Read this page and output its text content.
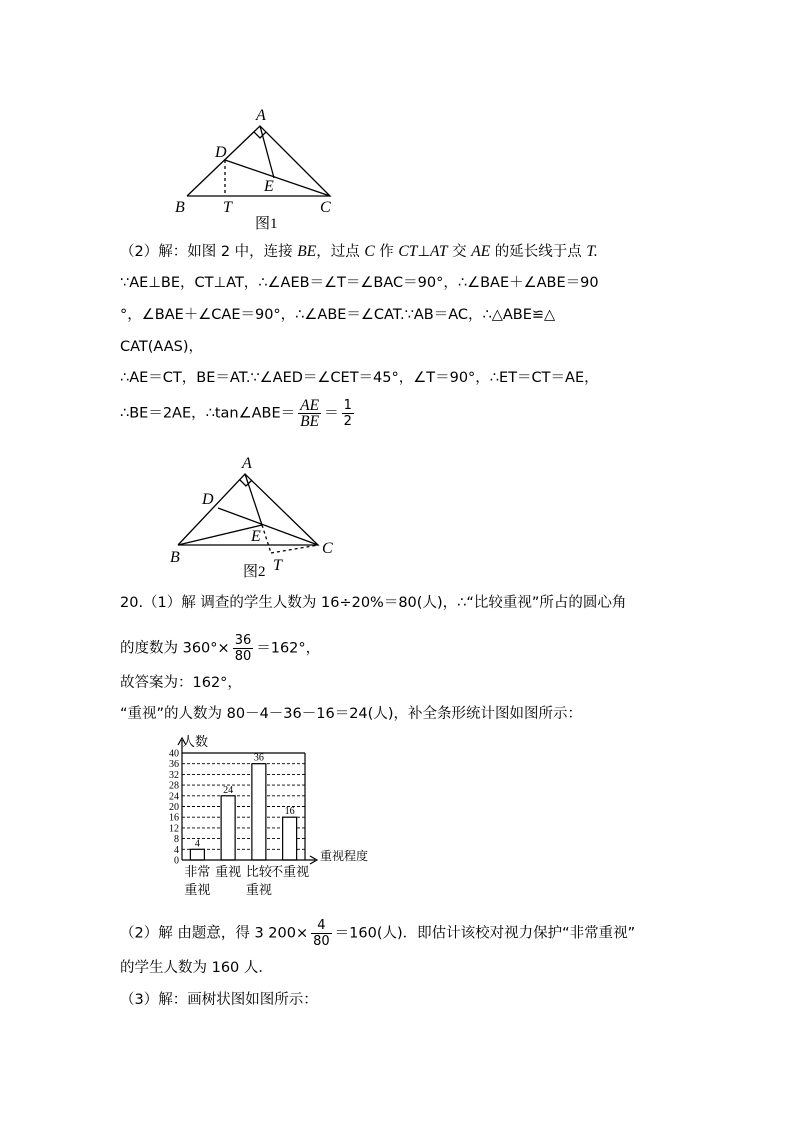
A
D
E
B T	C
图1
（2）解：如图 2 中，连接 BE，过点 C 作 CT⊥AT 交 AE 的延长线于点 T.
∵AE⊥BE，CT⊥AT，∴∠AEB＝∠T＝∠BAC＝90°，∴∠BAE＋∠ABE＝90
°，∠BAE＋∠CAE＝90°，∴∠ABE＝∠CAT.∵AB＝AC，∴△ABE≌△
CAT(AAS)，
∴AE＝CT，BE＝AT.∵∠AED＝∠CET＝45°，∠T＝90°，∴ET＝CT＝AE，
∴BE＝2AE，∴tan∠ABE＝ $\frac{AE}{BE} = \frac{1}{2}$
A
D
E
B
C
T
图2
20.（1）解 调查的学生人数为 16÷20%＝80(人)，∴“比较重视”所占的圆心角
的度数为 $360^\circ\times \frac{36}{80} =162^\circ$，
故答案为：162°，
“重视”的人数为 80－4－36－16＝24(人)，补全条形统计图如图所示：
人数
重视程度
4
24
36
16
0
4
8
12
16
20
24
28
32
36
40
非常
重视
重视 比较
重视
不重视
（2）解 由题意，得 3 $200\times \frac{4}{80} =160$(人)．即估计该校对视力保护“非常重视”
的学生人数为 160 人．
（3）解：画树状图如图所示：
